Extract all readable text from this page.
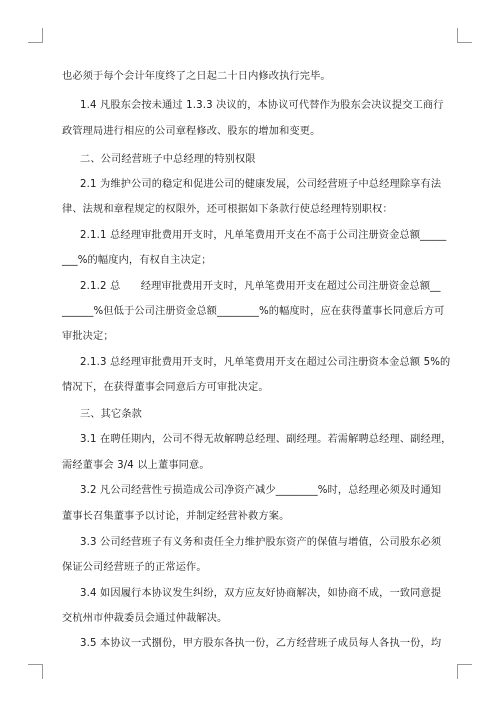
也必须于每个会计年度终了之日起二十日内修改执行完毕。
1.4 凡股东会按未通过 1.3.3 决议的，本协议可代替作为股东会决议提交工商行
政管理局进行相应的公司章程修改、股东的增加和变更。
二、公司经营班子中总经理的特别权限
2.1 为维护公司的稳定和促进公司的健康发展，公司经营班子中总经理除享有法
律、法规和章程规定的权限外，还可根据如下条款行使总经理特别职权：
2.1.1 总经理审批费用开支时，凡单笔费用开支在不高于公司注册资金总额_____
___%的幅度内，有权自主决定；
2.1.2 总      经理审批费用开支时，凡单笔费用开支在超过公司注册资金总额__
______%但低于公司注册资金总额________%的幅度时，应在获得董事长同意后方可
审批决定；
2.1.3 总经理审批费用开支时，凡单笔费用开支在超过公司注册资本金总额 5%的
情况下，在获得董事会同意后方可审批决定。
三、其它条款
3.1 在聘任期内，公司不得无故解聘总经理、副经理。若需解聘总经理、副经理，
需经董事会 3/4 以上董事同意。
3.2 凡公司经营性亏损造成公司净资产减少________%时，总经理必须及时通知
董事长召集董事予以讨论，并制定经营补救方案。
3.3 公司经营班子有义务和责任全力维护股东资产的保值与增值，公司股东必须
保证公司经营班子的正常运作。
3.4 如因履行本协议发生纠纷，双方应友好协商解决，如协商不成，一致同意提
交杭州市仲裁委员会通过仲裁解决。
3.5 本协议一式捌份，甲方股东各执一份，乙方经营班子成员每人各执一份，均
